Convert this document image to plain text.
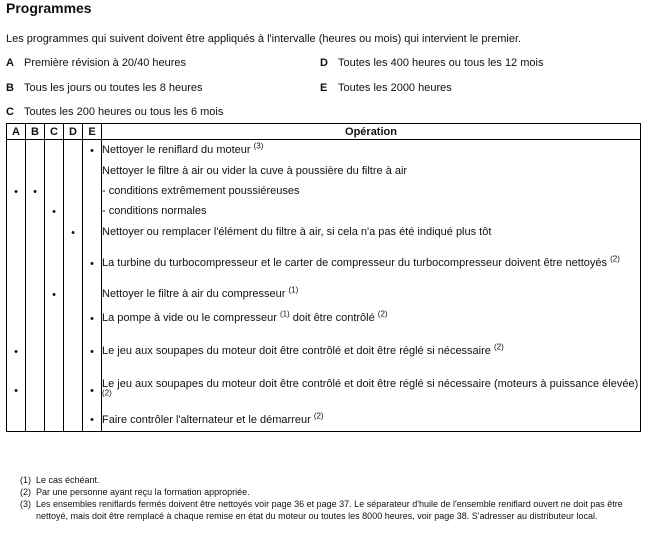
Programmes
Les programmes qui suivent doivent être appliqués à l'intervalle (heures ou mois) qui intervient le premier.
A Première révision à 20/40 heures
B Tous les jours ou toutes les 8 heures
C Toutes les 200 heures ou tous les 6 mois
D Toutes les 400 heures ou tous les 12 mois
E Toutes les 2000 heures
A	B	C	D	E	Opération
				•	Nettoyer le reniflard du moteur $^{(3)}$
					Nettoyer le filtre à air ou vider la cuve à poussière du filtre à air
•	•				- conditions extrêmement poussiéreuses
		•			- conditions normales
			•		Nettoyer ou remplacer l'élément du filtre à air, si cela n'a pas été indiqué plus tôt
				•	La turbine du turbocompresseur et le carter de compresseur du turbocompresseur doivent être nettoyés $^{(2)}$
		•			Nettoyer le filtre à air du compresseur $^{(1)}$
				•	La pompe à vide ou le compresseur $^{(1)}$ doit être contrôlé $^{(2)}$
•				•	Le jeu aux soupapes du moteur doit être contrôlé et doit être réglé si nécessaire $^{(2)}$
•				•	Le jeu aux soupapes du moteur doit être contrôlé et doit être réglé si nécessaire (moteurs à puissance élevée) $^{(2)}$
				•	Faire contrôler l'alternateur et le démarreur $^{(2)}$
(1) Le cas échéant.
(2) Par une personne ayant reçu la formation appropriée.
(3) Les ensembles reniflards fermés doivent être nettoyés voir page 36 et page 37. Le séparateur d'huile de l'ensemble reniflard ouvert ne doit pas être nettoyé, mais doit être remplacé à chaque remise en état du moteur ou toutes les 8000 heures, voir page 38. S'adresser au distributeur local.
